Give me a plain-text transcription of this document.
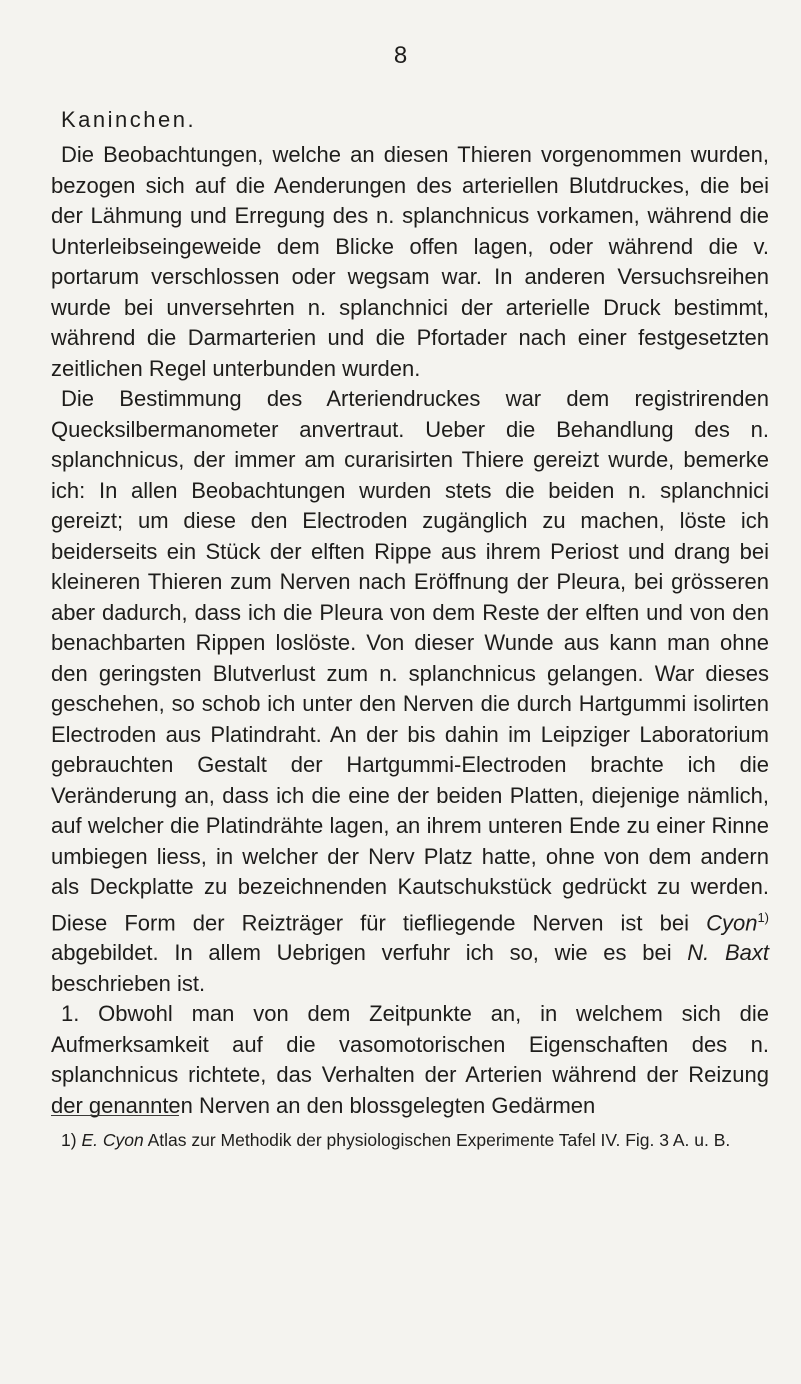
8
Kaninchen.

Die Beobachtungen, welche an diesen Thieren vorgenommen wurden, bezogen sich auf die Aenderungen des arteriellen Blutdruckes, die bei der Lähmung und Erregung des n. splanchnicus vorkamen, während die Unterleibseingeweide dem Blicke offen lagen, oder während die v. portarum verschlossen oder wegsam war. In anderen Versuchsreihen wurde bei unversehrten n. splanchnici der arterielle Druck bestimmt, während die Darmarterien und die Pfortader nach einer festgesetzten zeitlichen Regel unterbunden wurden.

Die Bestimmung des Arteriendruckes war dem registrirenden Quecksilbermanometer anvertraut. Ueber die Behandlung des n. splanchnicus, der immer am curarisirten Thiere gereizt wurde, bemerke ich: In allen Beobachtungen wurden stets die beiden n. splanchnici gereizt; um diese den Electroden zugänglich zu machen, löste ich beiderseits ein Stück der elften Rippe aus ihrem Periost und drang bei kleineren Thieren zum Nerven nach Eröffnung der Pleura, bei grösseren aber dadurch, dass ich die Pleura von dem Reste der elften und von den benachbarten Rippen loslöste. Von dieser Wunde aus kann man ohne den geringsten Blutverlust zum n. splanchnicus gelangen. War dieses geschehen, so schob ich unter den Nerven die durch Hartgummi isolirten Electroden aus Platindraht. An der bis dahin im Leipziger Laboratorium gebrauchten Gestalt der Hartgummi-Electroden brachte ich die Veränderung an, dass ich die eine der beiden Platten, diejenige nämlich, auf welcher die Platindrähte lagen, an ihrem unteren Ende zu einer Rinne umbiegen liess, in welcher der Nerv Platz hatte, ohne von dem andern als Deckplatte zu bezeichnenden Kautschukstück gedrückt zu werden. Diese Form der Reizträger für tiefliegende Nerven ist bei Cyon$^{1)}$ abgebildet. In allem Uebrigen verfuhr ich so, wie es bei N. Baxt beschrieben ist.

1. Obwohl man von dem Zeitpunkte an, in welchem sich die Aufmerksamkeit auf die vasomotorischen Eigenschaften des n. splanchnicus richtete, das Verhalten der Arterien während der Reizung der genannten Nerven an den blossgelegten Gedärmen

1) E. Cyon Atlas zur Methodik der physiologischen Experimente Tafel IV. Fig. 3 A. u. B.
